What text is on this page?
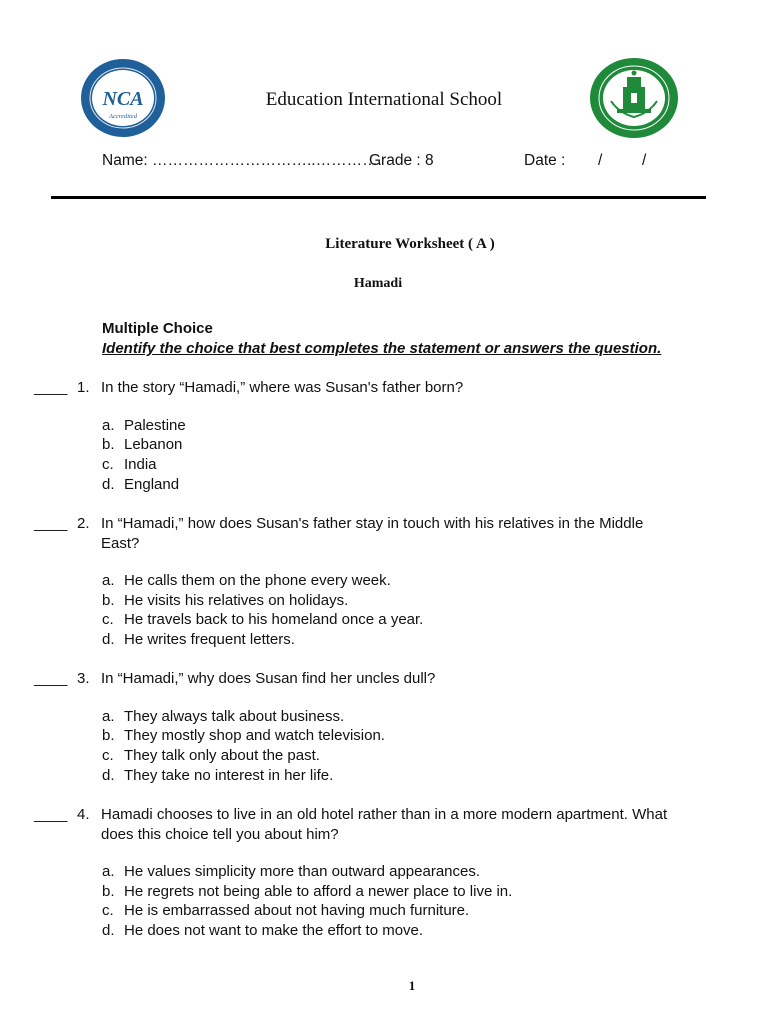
NCA
Accredited
Education International School
Name: …………………………..………….
Grade : 8	Date : /	/
Literature Worksheet ( A )
Hamadi
Multiple Choice
Identify the choice that best completes the statement or answers the question.
____ 1. In the story “Hamadi,” where was Susan's father born?
a. Palestine
b. Lebanon
c. India
d. England
____ 2. In “Hamadi,” how does Susan's father stay in touch with his relatives in the Middle
East?
a. He calls them on the phone every week.
b. He visits his relatives on holidays.
c. He travels back to his homeland once a year.
d. He writes frequent letters.
____ 3. In “Hamadi,” why does Susan find her uncles dull?
a. They always talk about business.
b. They mostly shop and watch television.
c. They talk only about the past.
d. They take no interest in her life.
____ 4. Hamadi chooses to live in an old hotel rather than in a more modern apartment. What
does this choice tell you about him?
a. He values simplicity more than outward appearances.
b. He regrets not being able to afford a newer place to live in.
c. He is embarrassed about not having much furniture.
d. He does not want to make the effort to move.
1
